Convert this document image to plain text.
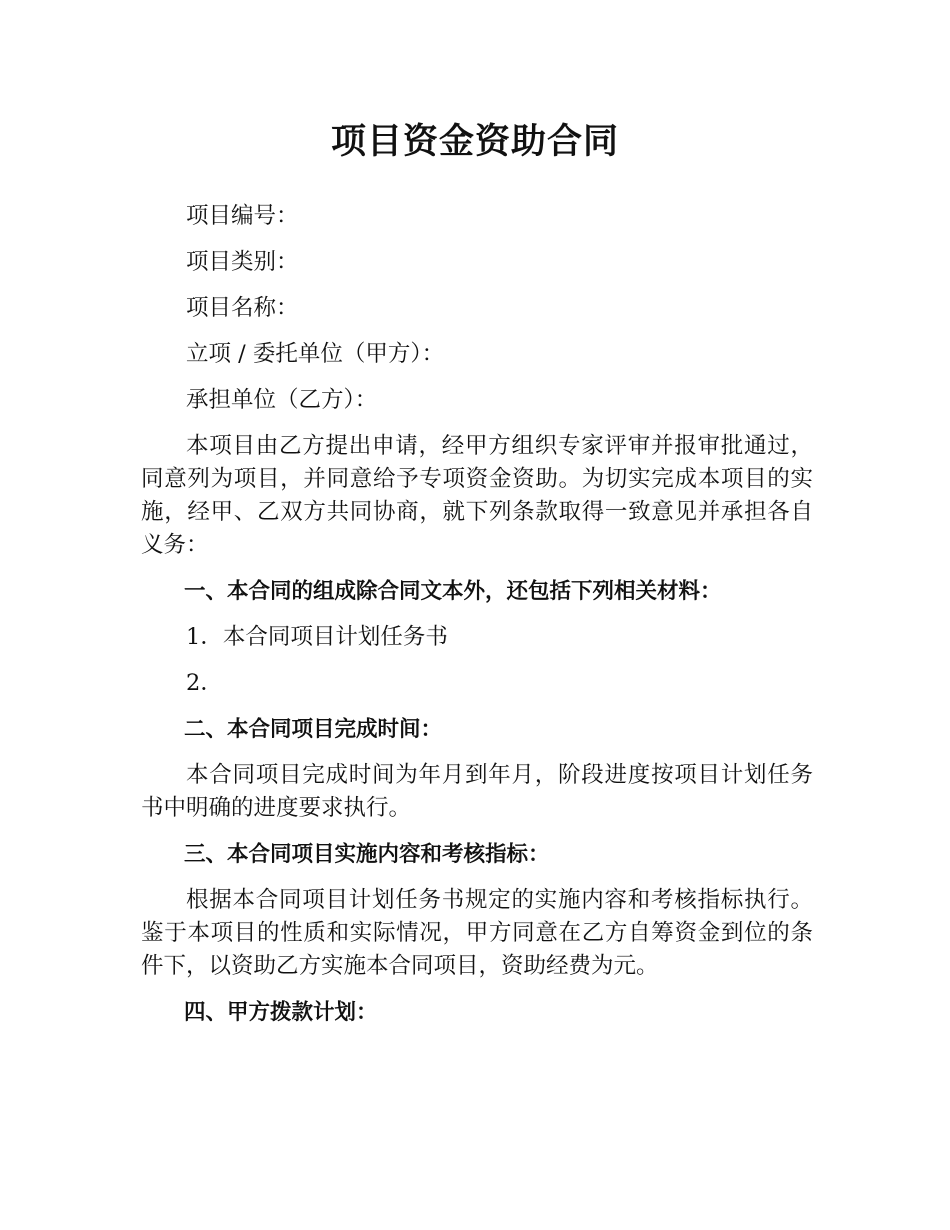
项目资金资助合同

项目编号：

项目类别：

项目名称：

立项 / 委托单位（甲方）：

承担单位（乙方）：

本项目由乙方提出申请，经甲方组织专家评审并报审批通过，同意列为项目，并同意给予专项资金资助。为切实完成本项目的实施，经甲、乙双方共同协商，就下列条款取得一致意见并承担各自义务：

一、本合同的组成除合同文本外，还包括下列相关材料：

1．本合同项目计划任务书

2．

二、本合同项目完成时间：

本合同项目完成时间为年月到年月，阶段进度按项目计划任务书中明确的进度要求执行。

三、本合同项目实施内容和考核指标：

根据本合同项目计划任务书规定的实施内容和考核指标执行。鉴于本项目的性质和实际情况，甲方同意在乙方自筹资金到位的条件下，以资助乙方实施本合同项目，资助经费为元。

四、甲方拨款计划：
